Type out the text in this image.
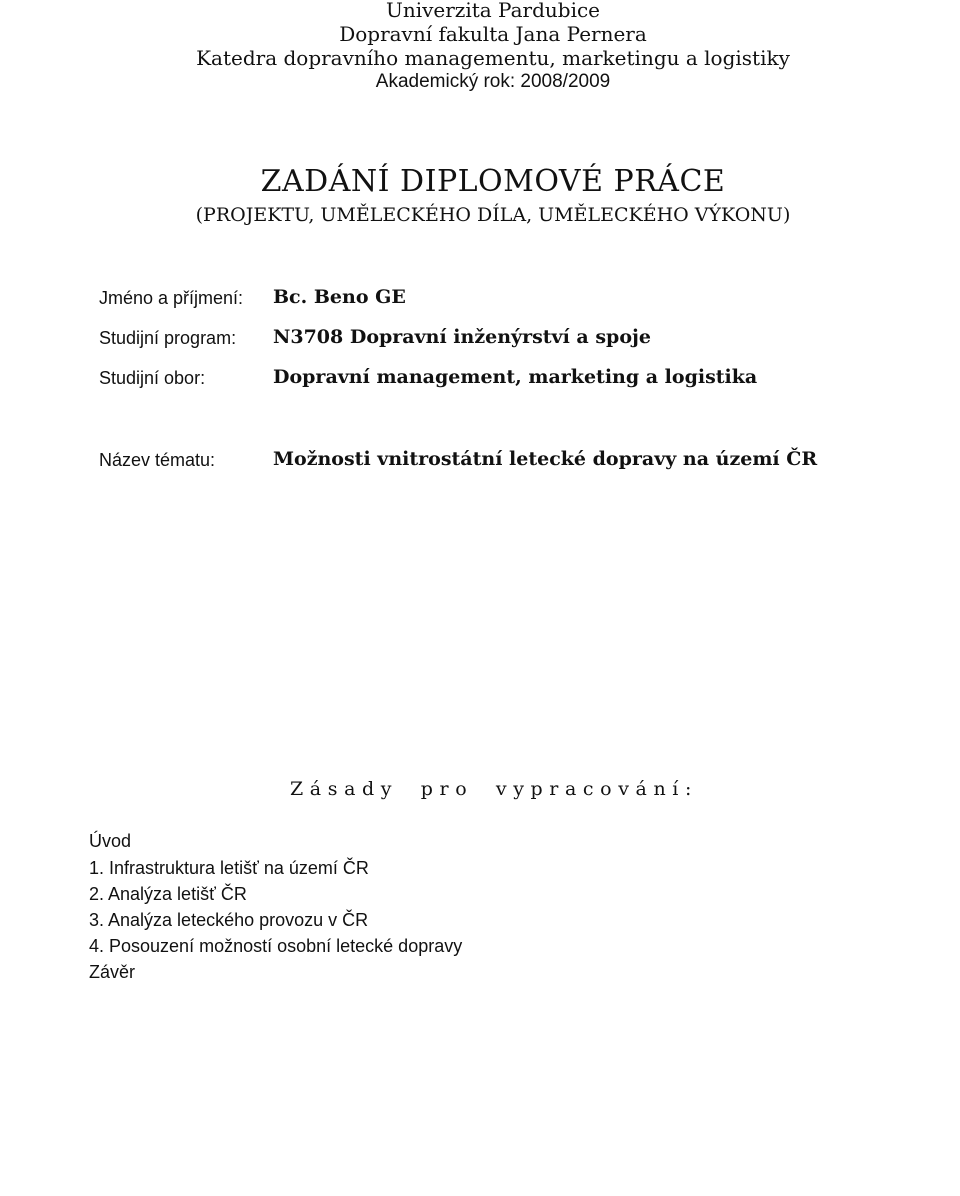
Univerzita Pardubice
Dopravní fakulta Jana Pernera
Katedra dopravního managementu, marketingu a logistiky
Akademický rok: 2008/2009
ZADÁNÍ DIPLOMOVÉ PRÁCE
(PROJEKTU, UMĚLECKÉHO DÍLA, UMĚLECKÉHO VÝKONU)
Jméno a příjmení: Bc. Beno GE
Studijní program: N3708 Dopravní inženýrství a spoje
Studijní obor:	Dopravní management, marketing a logistika
Název tématu:	Možnosti vnitrostátní letecké dopravy na území ČR
Zásady pro vypracování:
Úvod
1. Infrastruktura letišť na území ČR
2. Analýza letišť ČR
3. Analýza leteckého provozu v ČR
4. Posouzení možností osobní letecké dopravy
Závěr
